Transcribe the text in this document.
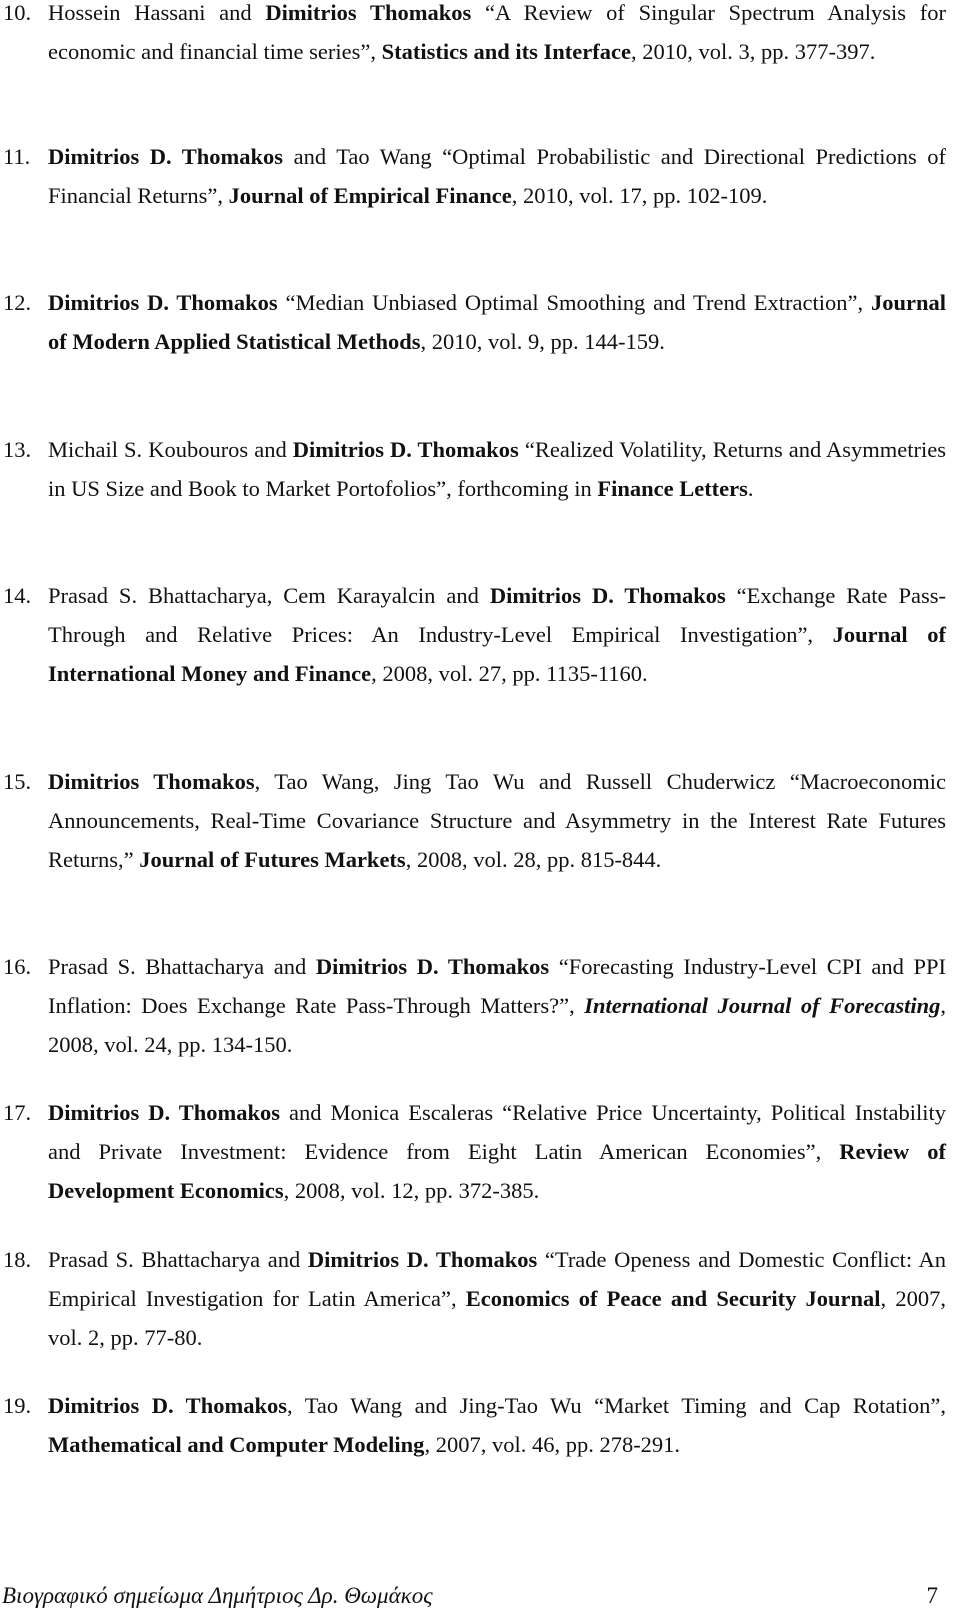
10. Hossein Hassani and Dimitrios Thomakos “A Review of Singular Spectrum Analysis for economic and financial time series”, Statistics and its Interface, 2010, vol. 3, pp. 377-397.
11. Dimitrios D. Thomakos and Tao Wang “Optimal Probabilistic and Directional Predictions of Financial Returns”, Journal of Empirical Finance, 2010, vol. 17, pp. 102-109.
12. Dimitrios D. Thomakos “Median Unbiased Optimal Smoothing and Trend Extraction”, Journal of Modern Applied Statistical Methods, 2010, vol. 9, pp. 144-159.
13. Michail S. Koubouros and Dimitrios D. Thomakos “Realized Volatility, Returns and Asymmetries in US Size and Book to Market Portofolios”, forthcoming in Finance Letters.
14. Prasad S. Bhattacharya, Cem Karayalcin and Dimitrios D. Thomakos “Exchange Rate Pass-Through and Relative Prices: An Industry-Level Empirical Investigation”, Journal of International Money and Finance, 2008, vol. 27, pp. 1135-1160.
15. Dimitrios Thomakos, Tao Wang, Jing Tao Wu and Russell Chuderwicz “Macroeconomic Announcements, Real-Time Covariance Structure and Asymmetry in the Interest Rate Futures Returns,” Journal of Futures Markets, 2008, vol. 28, pp. 815-844.
16. Prasad S. Bhattacharya and Dimitrios D. Thomakos “Forecasting Industry-Level CPI and PPI Inflation: Does Exchange Rate Pass-Through Matters?”, International Journal of Forecasting, 2008, vol. 24, pp. 134-150.
17. Dimitrios D. Thomakos and Monica Escaleras “Relative Price Uncertainty, Political Instability and Private Investment: Evidence from Eight Latin American Economies”, Review of Development Economics, 2008, vol. 12, pp. 372-385.
18. Prasad S. Bhattacharya and Dimitrios D. Thomakos “Trade Openess and Domestic Conflict: An Empirical Investigation for Latin America”, Economics of Peace and Security Journal, 2007, vol. 2, pp. 77-80.
19. Dimitrios D. Thomakos, Tao Wang and Jing-Tao Wu “Market Timing and Cap Rotation”, Mathematical and Computer Modeling, 2007, vol. 46, pp. 278-291.
Βιογραφικό σημείωμα Δημήτριος Δρ. Θωμάκος	7
